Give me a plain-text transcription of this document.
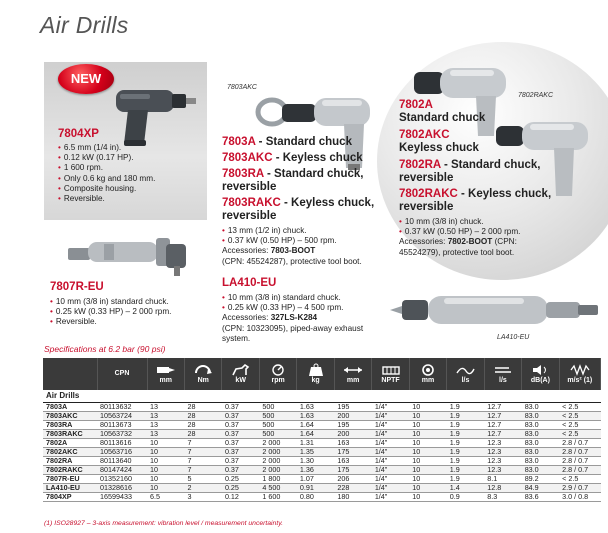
Air Drills
NEW
7804XP
• 6.5 mm (1/4 in).
• 0.12 kW (0.17 HP).
• 1 600 rpm.
• Only 0.6 kg and 180 mm.
• Composite housing.
• Reversible.
7807R-EU
• 10 mm (3/8 in) standard chuck.
• 0.25 kW (0.33 HP) – 2 000 rpm.
• Reversible.
7803AKC
7803A - Standard chuck
7803AKC - Keyless chuck
7803RA - Standard chuck, reversible
7803RAKC - Keyless chuck, reversible
• 13 mm (1/2 in) chuck.
• 0.37 kW (0.50 HP) – 500 rpm.
Accessories: 7803-BOOT
(CPN: 45524287), protective tool boot.
LA410-EU
• 10 mm (3/8 in) standard chuck.
• 0.25 kW (0.33 HP) – 4 500 rpm.
Accessories: 327LS-K284
(CPN: 10323095), piped-away exhaust system.	LA410-EU
7802RAKC
7802A
Standard chuck
7802AKC
Keyless chuck
7802RA - Standard chuck, reversible
7802RAKC - Keyless chuck, reversible
• 10 mm (3/8 in) chuck.
• 0.37 kW (0.50 HP) – 2 000 rpm.
Accessories: 7802-BOOT (CPN: 45524279), protective tool boot.
Specifications at 6.2 bar (90 psi)
	CPN	mm	Nm	kW	rpm	kg	mm	NPTF	mm	l/s	l/s	dB(A)	m/s² (1)
Air Drills													
7803A	80113632	13	28	0.37	500	1.63	195	1/4"	10	1.9	12.7	83.0	< 2.5
7803AKC	10563724	13	28	0.37	500	1.63	200	1/4"	10	1.9	12.7	83.0	< 2.5
7803RA	80113673	13	28	0.37	500	1.64	195	1/4"	10	1.9	12.7	83.0	< 2.5
7803RAKC	10563732	13	28	0.37	500	1.64	200	1/4"	10	1.9	12.7	83.0	< 2.5
7802A	80113616	10	7	0.37	2 000	1.31	163	1/4"	10	1.9	12.3	83.0	2.8 / 0.7
7802AKC	10563716	10	7	0.37	2 000	1.35	175	1/4"	10	1.9	12.3	83.0	2.8 / 0.7
7802RA	80113640	10	7	0.37	2 000	1.30	163	1/4"	10	1.9	12.3	83.0	2.8 / 0.7
7802RAKC	80147424	10	7	0.37	2 000	1.36	175	1/4"	10	1.9	12.3	83.0	2.8 / 0.7
7807R-EU	01352160	10	5	0.25	1 800	1.07	206	1/4"	10	1.9	8.1	89.2	< 2.5
LA410-EU	01328616	10	2	0.25	4 500	0.91	228	1/4"	10	1.4	12.8	84.9	2.9 / 0.7
7804XP	16599433	6.5	3	0.12	1 600	0.80	180	1/4"	10	0.9	8.3	83.6	3.0 / 0.8
(1) ISO28927 – 3-axis measurement: vibration level / measurement uncertainty.
